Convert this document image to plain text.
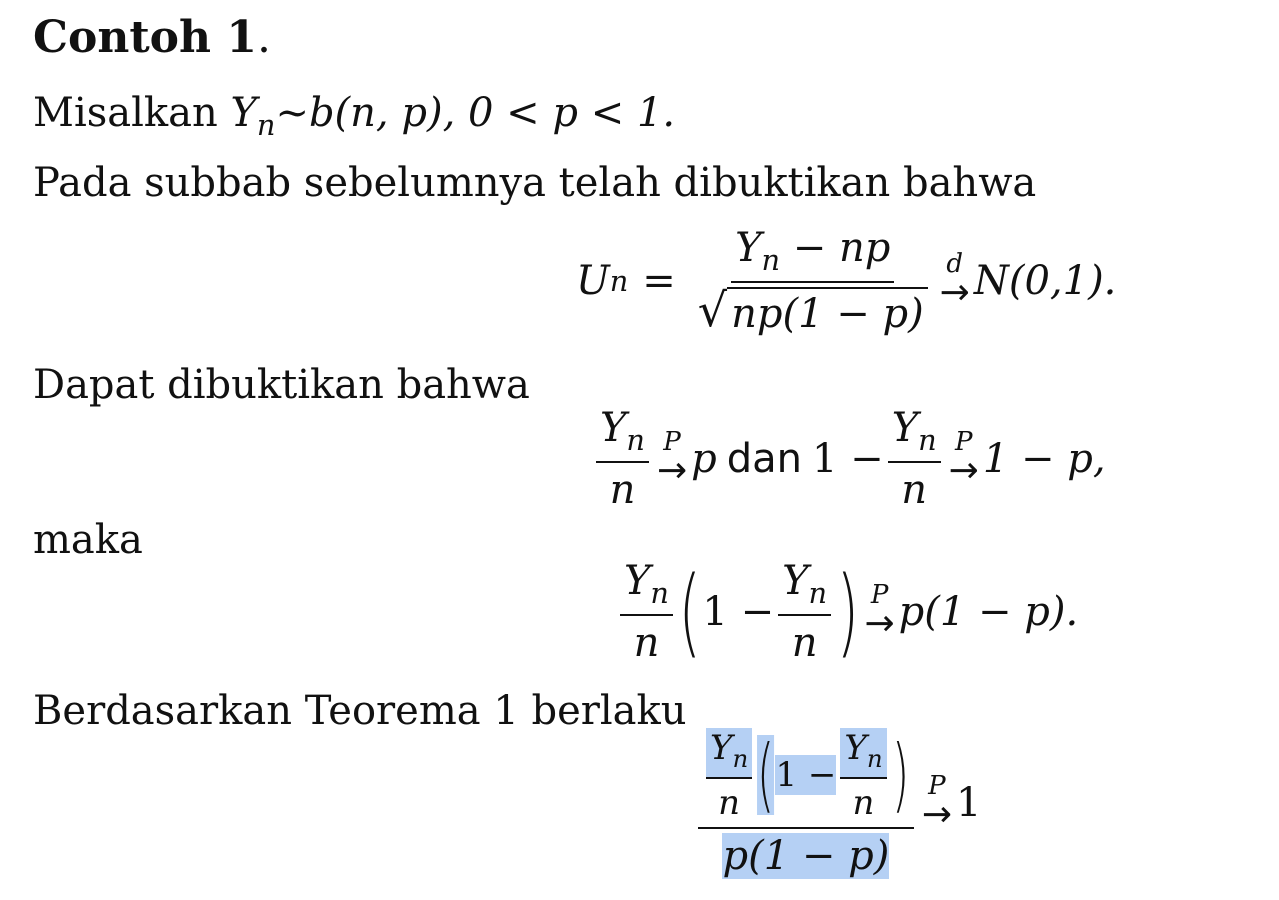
Contoh 1.
Misalkan $Y_n\sim b(n$, p), 0 < p < 1.
Pada subbab sebelumnya telah dibuktikan bahwa
U $n = \frac{Y_n - np}{√ np(1 - p)}$ d
→ N(0,1).
Dapat dibuktikan bahwa
$\frac{Y_n}{n}$ P
→ p dan $1 - \frac{Y_n}{n}$ P
→ 1 − p,
maka
$\frac{Y_n}{n}$ ( $1 - \frac{Y_n}{n}$ ) P
→ p(1 − p).
Berdasarkan Teorema 1 berlaku
$\frac{Y_n}{n}$ ( $1 - \frac{Y_n}{n}$ )
p(1 − p)
P
→ 1
